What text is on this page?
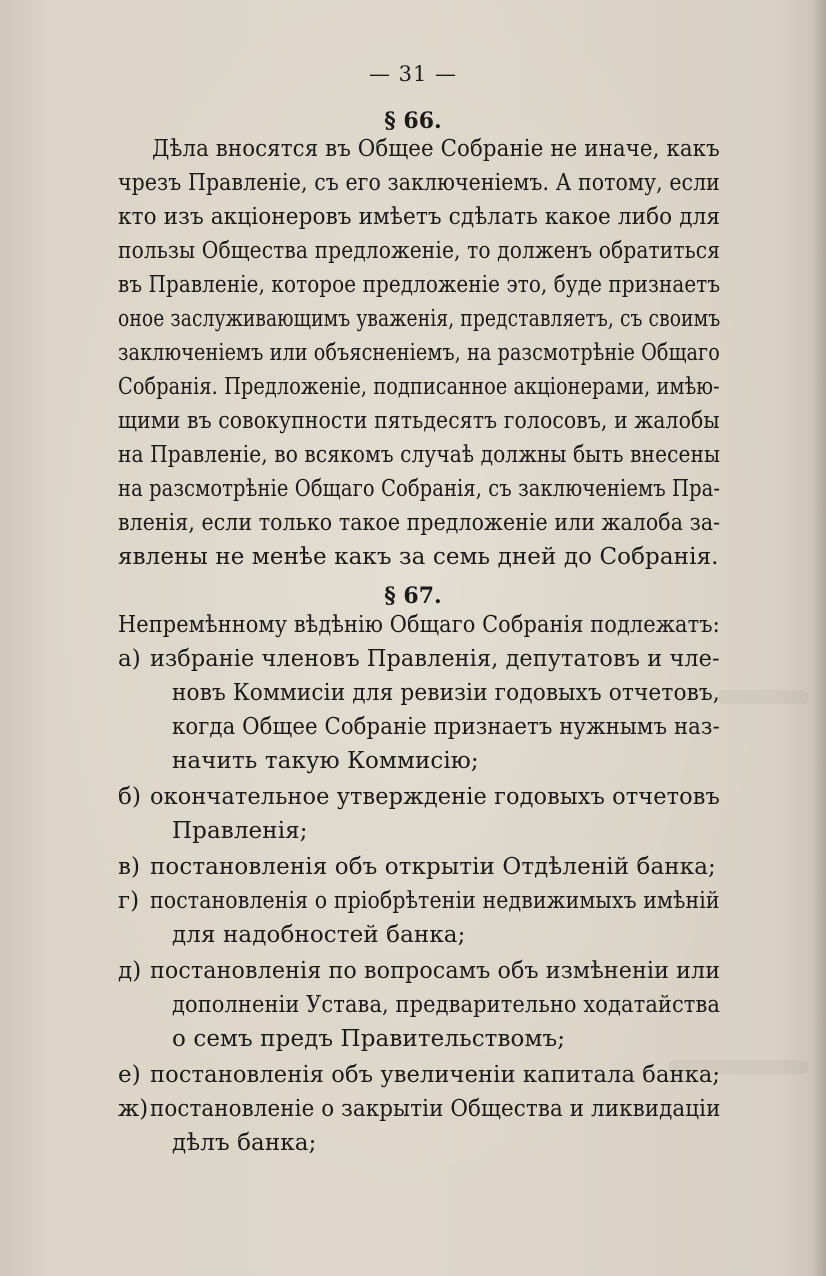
— 31 —
§ 66.
Дѣла вносятся въ Общее Собраніе не иначе, какъ
чрезъ Правленіе, съ его заключеніемъ. А потому, если
кто изъ акціонеровъ имѣетъ сдѣлать какое либо для
пользы Общества предложеніе, то долженъ обратиться
въ Правленіе, которое предложеніе это, буде признаетъ
оное заслуживающимъ уваженія, представляетъ, съ своимъ
заключеніемъ или объясненіемъ, на разсмотрѣніе Общаго
Собранія. Предложеніе, подписанное акціонерами, имѣю-
щими въ совокупности пятьдесятъ голосовъ, и жалобы
на Правленіе, во всякомъ случаѣ должны быть внесены
на разсмотрѣніе Общаго Собранія, съ заключеніемъ Пра-
вленія, если только такое предложеніе или жалоба за-
явлены не менѣе какъ за семь дней до Собранія.
§ 67.
Непремѣнному вѣдѣнію Общаго Собранія подлежатъ:
а) избраніе членовъ Правленія, депутатовъ и чле-
новъ Коммисіи для ревизіи годовыхъ отчетовъ,
когда Общее Собраніе признаетъ нужнымъ наз-
начить такую Коммисію;
б) окончательное утвержденіе годовыхъ отчетовъ
Правленія;
в) постановленія объ открытіи Отдѣленій банка;
г) постановленія о пріобрѣтеніи недвижимыхъ имѣній
для надобностей банка;
д) постановленія по вопросамъ объ измѣненіи или
дополненіи Устава, предварительно ходатайства
о семъ предъ Правительствомъ;
е) постановленія объ увеличеніи капитала банка;
ж) постановленіе о закрытіи Общества и ликвидаціи
дѣлъ банка;
